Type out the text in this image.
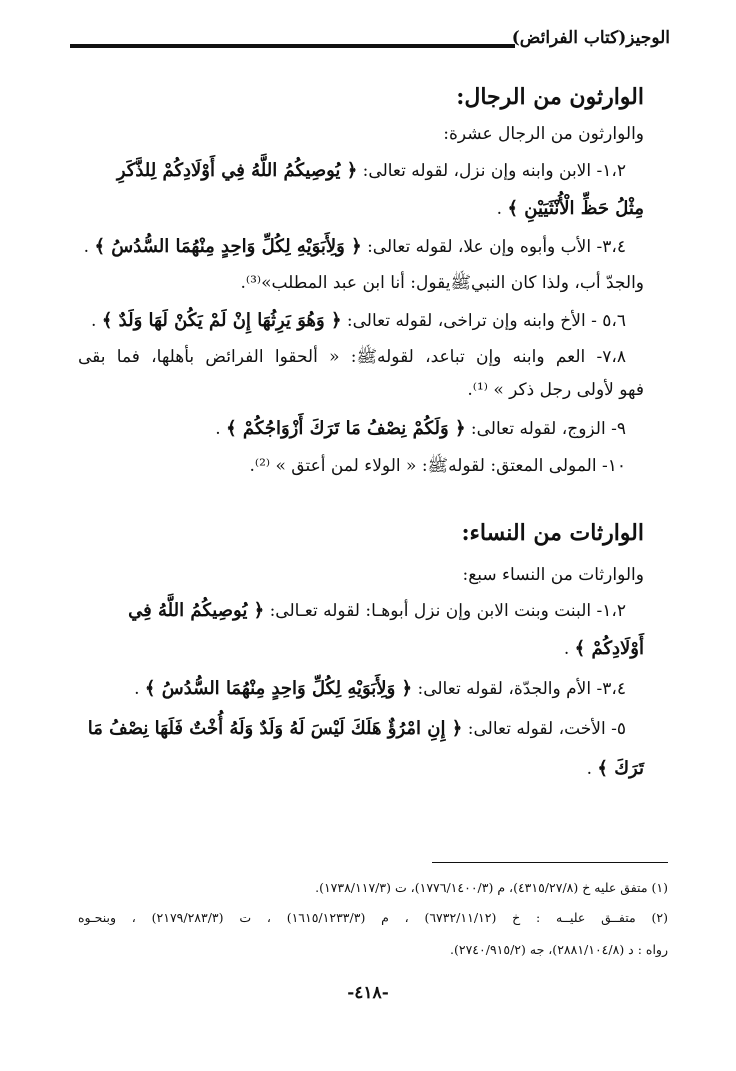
الوجيز(كتاب الفرائض)
الوارثون من الرجال:
والوارثون من الرجال عشرة:
١،٢- الابن وابنه وإن نزل، لقوله تعالى: ﴿ يُوصِيكُمُ اللَّهُ فِي أَوْلَادِكُمْ لِلذَّكَرِ
مِثْلُ حَظِّ الْأُنْثَيَيْنِ ﴾ .
٣،٤- الأب وأبوه وإن علا، لقوله تعالى: ﴿ وَلِأَبَوَيْهِ لِكُلِّ وَاحِدٍ مِنْهُمَا السُّدُسُ ﴾ .
والجدّ أب، ولذا كان النبيﷺيقول: أنا ابن عبد المطلب»⁽³⁾.
٥،٦ - الأخ وابنه وإن تراخى، لقوله تعالى: ﴿ وَهُوَ يَرِثُهَا إِنْ لَمْ يَكُنْ لَهَا وَلَدٌ ﴾ .
٧،٨- العم وابنه وإن تباعد، لقولهﷺ: « ألحقوا الفرائض بأهلها، فما بقى
فهو لأولى رجل ذكر » ⁽¹⁾.
٩- الزوج، لقوله تعالى: ﴿ وَلَكُمْ نِصْفُ مَا تَرَكَ أَزْوَاجُكُمْ ﴾ .
١٠- المولى المعتق: لقولهﷺ: « الولاء لمن أعتق » ⁽²⁾.
الوارثات من النساء:
والوارثات من النساء سبع:
١،٢- البنت وبنت الابن وإن نزل أبوهـا: لقوله تعـالى: ﴿ يُوصِيكُمُ اللَّهُ فِي
أَوْلَادِكُمْ ﴾ .
٣،٤- الأم والجدّة، لقوله تعالى: ﴿ وَلِأَبَوَيْهِ لِكُلِّ وَاحِدٍ مِنْهُمَا السُّدُسُ ﴾ .
٥- الأخت، لقوله تعالى: ﴿ إِنِ امْرُؤٌ هَلَكَ لَيْسَ لَهُ وَلَدٌ وَلَهُ أُخْتٌ فَلَهَا نِصْفُ مَا
تَرَكَ ﴾ .
(١) متفق عليه خ (٤٣١٥/٢٧/٨)، م (١٧٧٦/١٤٠٠/٣)، ت (١٧٣٨/١١٧/٣).
(٢) متفــق عليــه : خ (٦٧٣٢/١١/١٢) ، م (١٦١٥/١٢٣٣/٣) ، ت (٢١٧٩/٢٨٣/٣) ، وبنحـوه
رواه : د (٢٨٨١/١٠٤/٨)، جه (٢٧٤٠/٩١٥/٢).
-٤١٨-
